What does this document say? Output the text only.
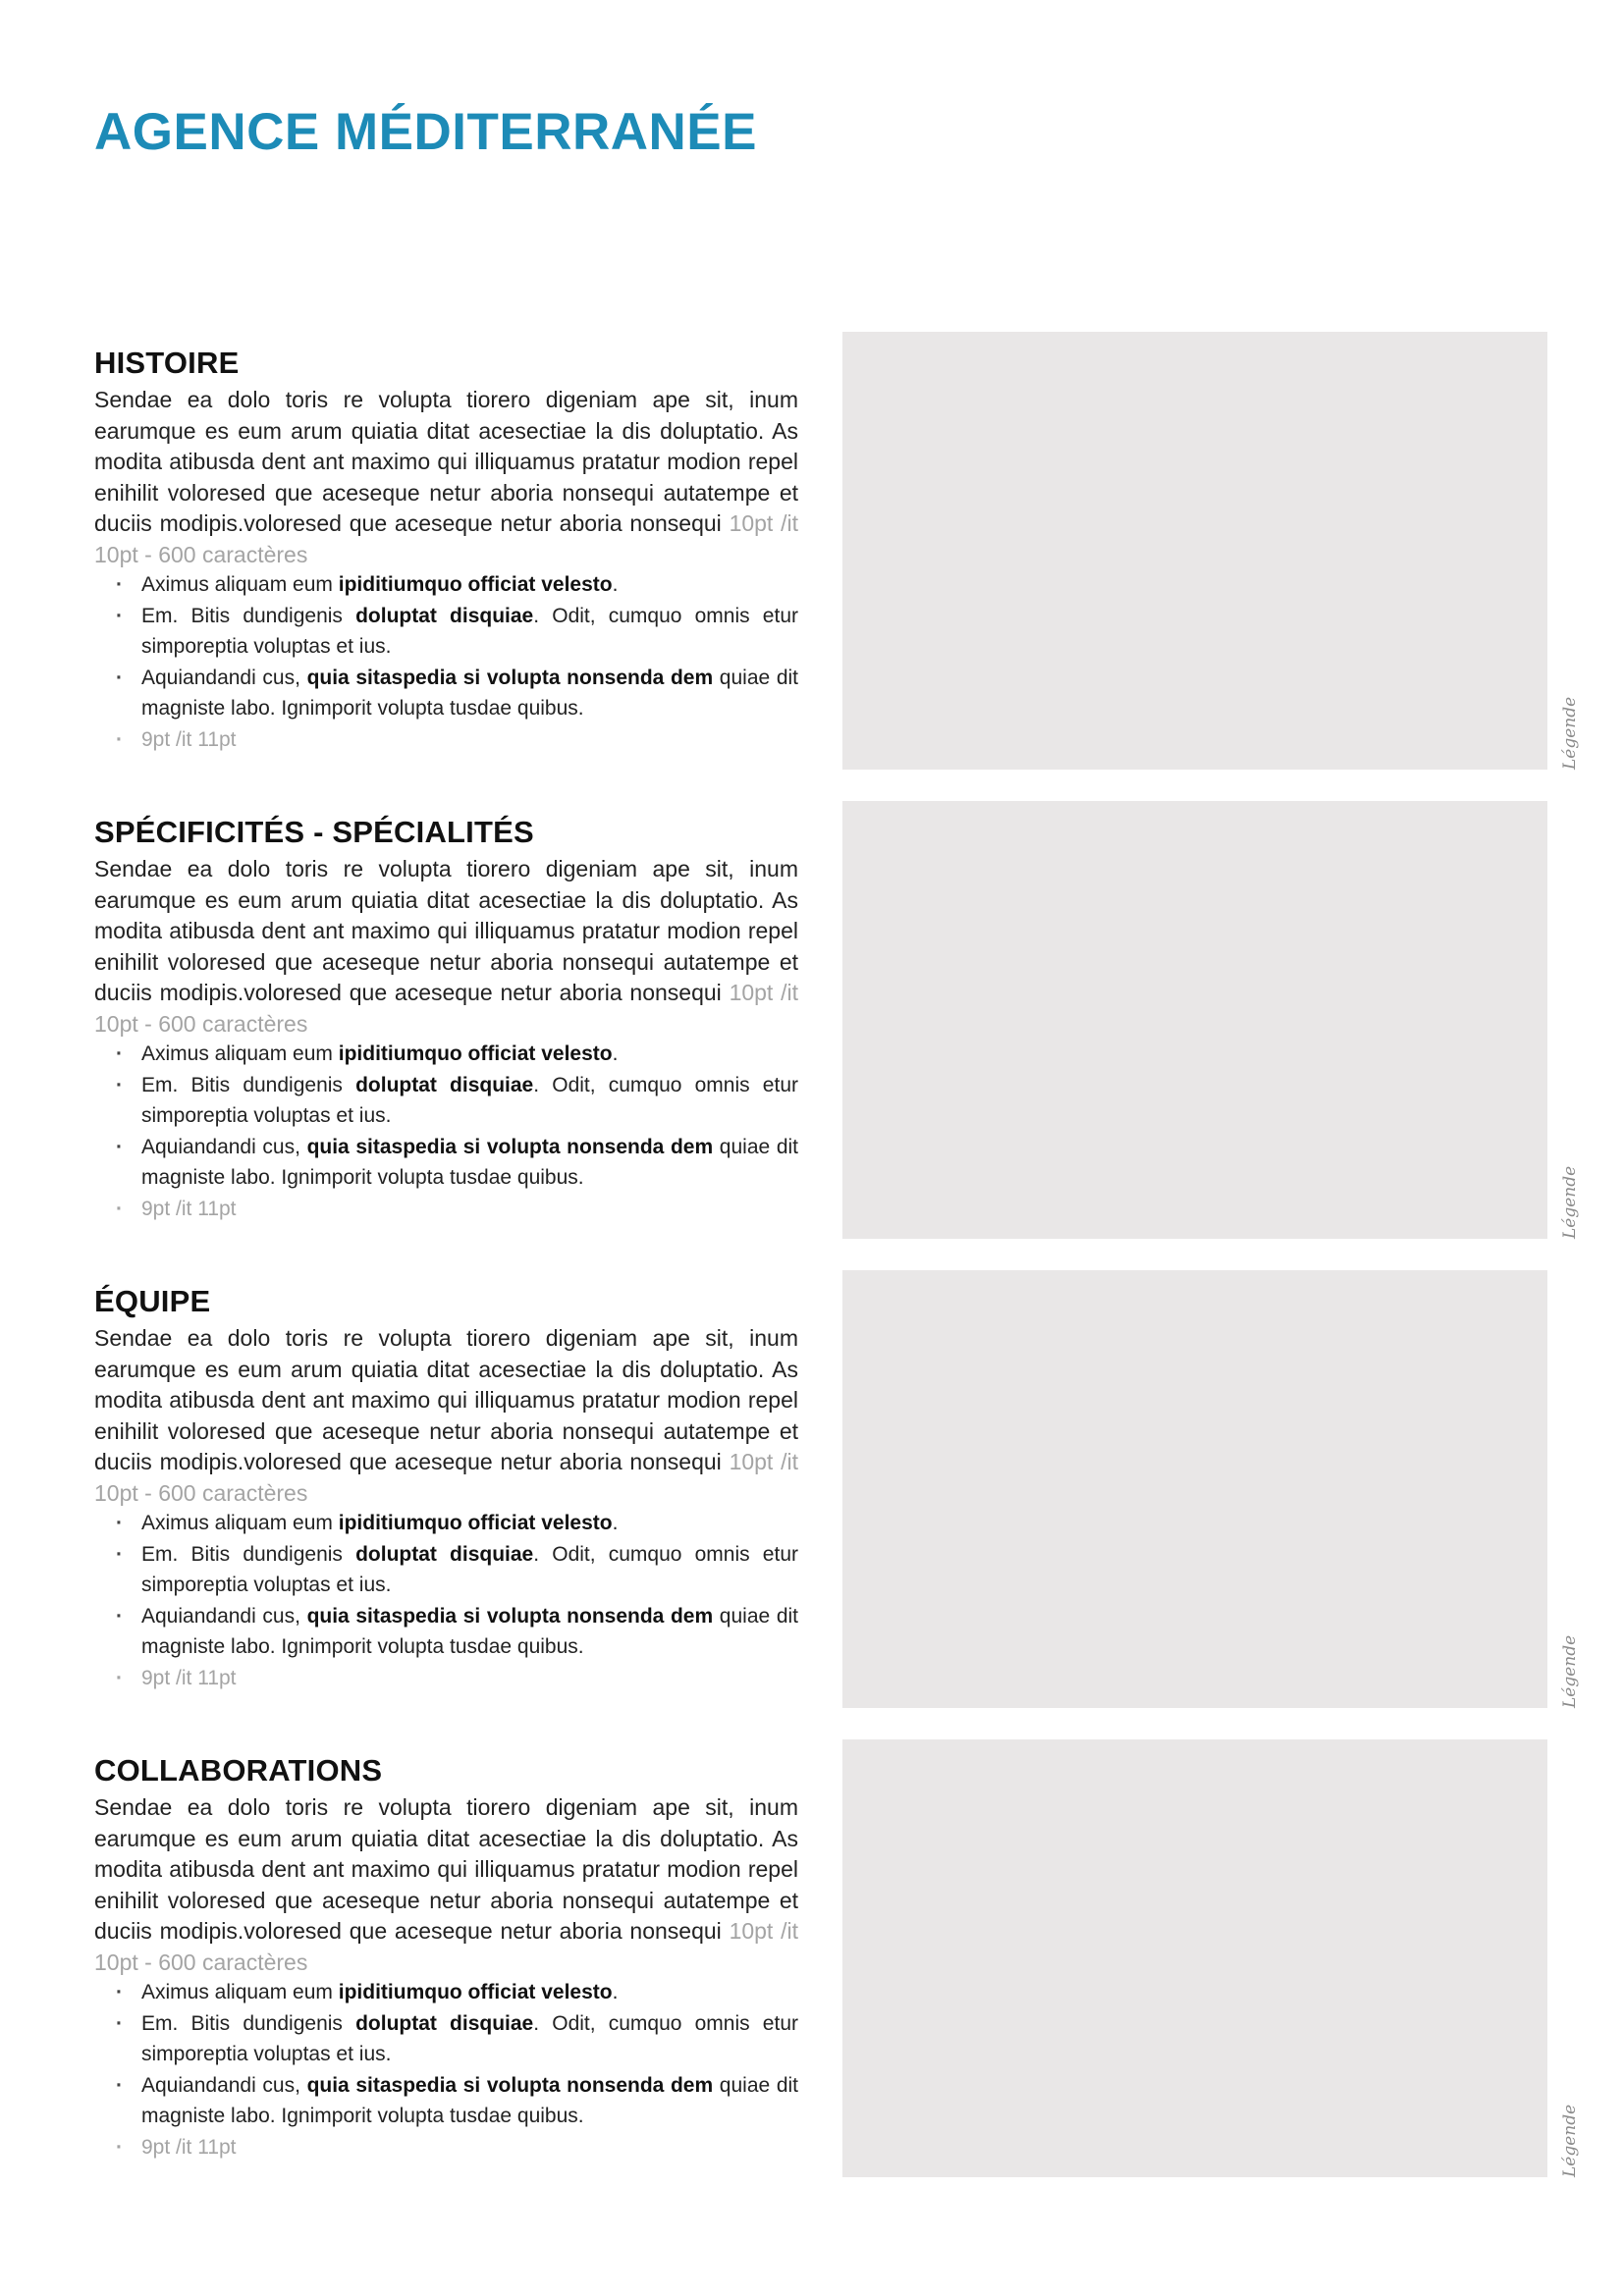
AGENCE MÉDITERRANÉE
HISTOIRE

Sendae ea dolo toris re volupta tiorero digeniam ape sit, inum earumque es eum arum quiatia ditat acesectiae la dis doluptatio. As modita atibusda dent ant maximo qui illiquamus pratatur modion repel enihilit voloresed que aceseque netur aboria nonsequi autatempe et duciis modipis.voloresed que aceseque netur aboria nonsequi 10pt /it 10pt - 600 caractères

· Aximus aliquam eum ipiditiumquo officiat velesto.
· Em. Bitis dundigenis doluptat disquiae. Odit, cumquo omnis etur simporeptia voluptas et ius.
· Aquiandandi cus, quia sitaspedia si volupta nonsenda dem quiae dit magniste labo. Ignimporit volupta tusdae quibus.
· 9pt /it 11pt	Légende
SPÉCIFICITÉS - SPÉCIALITÉS

Sendae ea dolo toris re volupta tiorero digeniam ape sit, inum earumque es eum arum quiatia ditat acesectiae la dis doluptatio. As modita atibusda dent ant maximo qui illiquamus pratatur modion repel enihilit voloresed que aceseque netur aboria nonsequi autatempe et duciis modipis.voloresed que aceseque netur aboria nonsequi 10pt /it 10pt - 600 caractères

· Aximus aliquam eum ipiditiumquo officiat velesto.
· Em. Bitis dundigenis doluptat disquiae. Odit, cumquo omnis etur simporeptia voluptas et ius.
· Aquiandandi cus, quia sitaspedia si volupta nonsenda dem quiae dit magniste labo. Ignimporit volupta tusdae quibus.
· 9pt /it 11pt	Légende
ÉQUIPE

Sendae ea dolo toris re volupta tiorero digeniam ape sit, inum earumque es eum arum quiatia ditat acesectiae la dis doluptatio. As modita atibusda dent ant maximo qui illiquamus pratatur modion repel enihilit voloresed que aceseque netur aboria nonsequi autatempe et duciis modipis.voloresed que aceseque netur aboria nonsequi 10pt /it 10pt - 600 caractères

· Aximus aliquam eum ipiditiumquo officiat velesto.
· Em. Bitis dundigenis doluptat disquiae. Odit, cumquo omnis etur simporeptia voluptas et ius.
· Aquiandandi cus, quia sitaspedia si volupta nonsenda dem quiae dit magniste labo. Ignimporit volupta tusdae quibus.
· 9pt /it 11pt	Légende
COLLABORATIONS

Sendae ea dolo toris re volupta tiorero digeniam ape sit, inum earumque es eum arum quiatia ditat acesectiae la dis doluptatio. As modita atibusda dent ant maximo qui illiquamus pratatur modion repel enihilit voloresed que aceseque netur aboria nonsequi autatempe et duciis modipis.voloresed que aceseque netur aboria nonsequi 10pt /it 10pt - 600 caractères

· Aximus aliquam eum ipiditiumquo officiat velesto.
· Em. Bitis dundigenis doluptat disquiae. Odit, cumquo omnis etur simporeptia voluptas et ius.
· Aquiandandi cus, quia sitaspedia si volupta nonsenda dem quiae dit magniste labo. Ignimporit volupta tusdae quibus.
· 9pt /it 11pt	Légende
